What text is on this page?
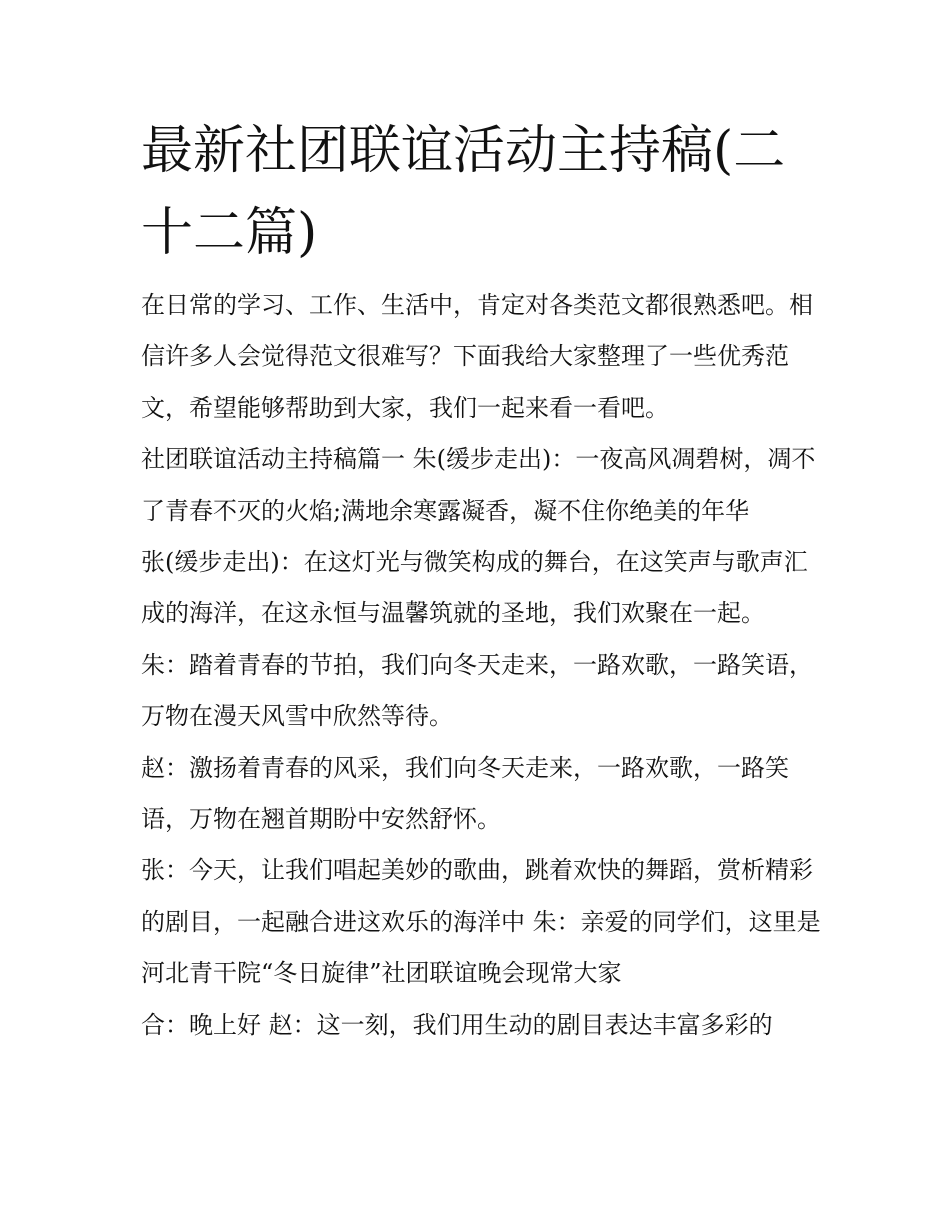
最新社团联谊活动主持稿(二十二篇)

在日常的学习、工作、生活中，肯定对各类范文都很熟悉吧。相信许多人会觉得范文很难写？下面我给大家整理了一些优秀范文，希望能够帮助到大家，我们一起来看一看吧。

社团联谊活动主持稿篇一 朱(缓步走出)：一夜高风凋碧树，凋不了青春不灭的火焰;满地余寒露凝香，凝不住你绝美的年华

张(缓步走出)：在这灯光与微笑构成的舞台，在这笑声与歌声汇成的海洋，在这永恒与温馨筑就的圣地，我们欢聚在一起。

朱：踏着青春的节拍，我们向冬天走来，一路欢歌，一路笑语，万物在漫天风雪中欣然等待。

赵：激扬着青春的风采，我们向冬天走来，一路欢歌，一路笑语，万物在翘首期盼中安然舒怀。

张：今天，让我们唱起美妙的歌曲，跳着欢快的舞蹈，赏析精彩的剧目，一起融合进这欢乐的海洋中 朱：亲爱的同学们，这里是河北青干院“冬日旋律”社团联谊晚会现常大家

合：晚上好 赵：这一刻，我们用生动的剧目表达丰富多彩的
